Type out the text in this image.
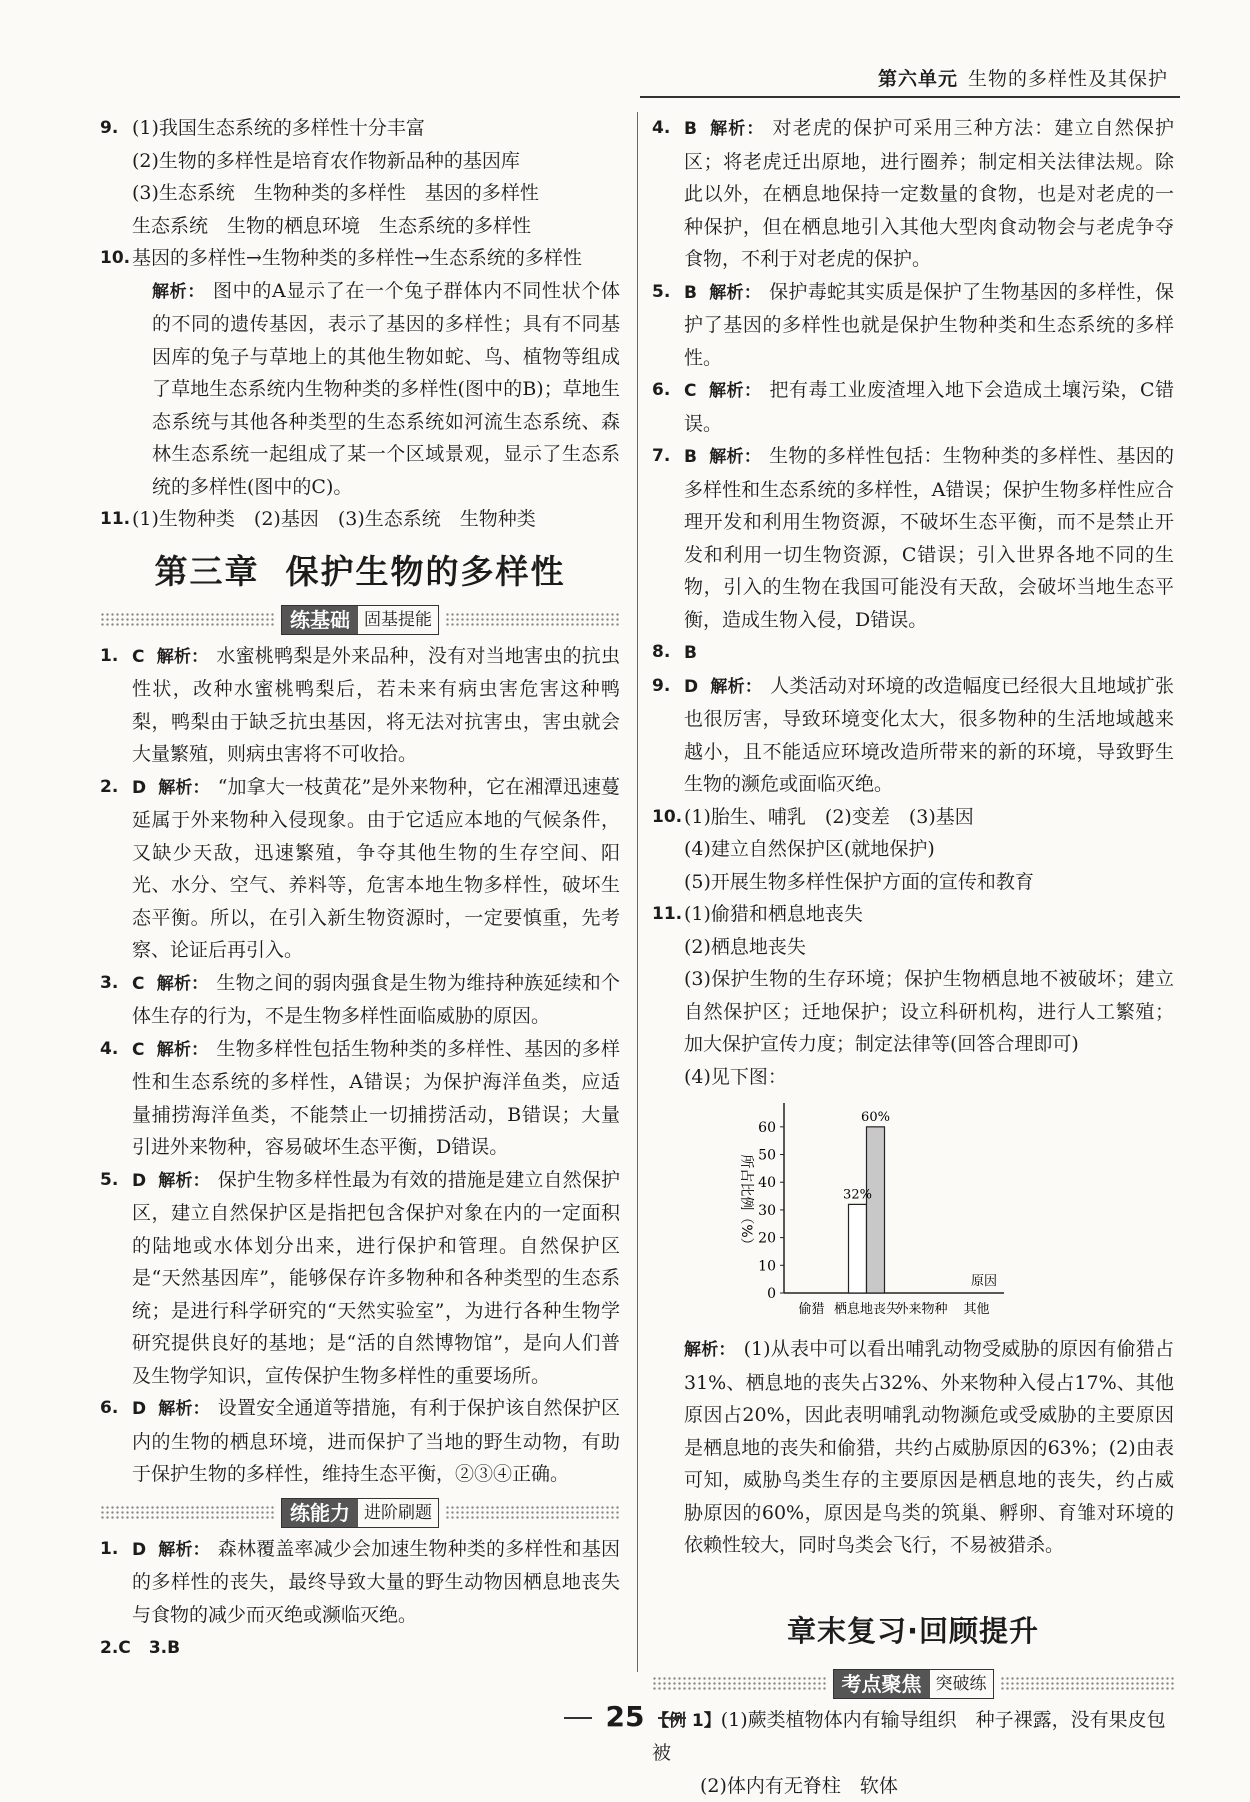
第六单元 生物的多样性及其保护
9. (1)我国生态系统的多样性十分丰富
(2)生物的多样性是培育农作物新品种的基因库
(3)生态系统　生物种类的多样性　基因的多样性
生态系统　生物的栖息环境　生态系统的多样性
10. 基因的多样性→生物种类的多样性→生态系统的多样性
解析： 图中的A显示了在一个兔子群体内不同性状个体的不同的遗传基因，表示了基因的多样性；具有不同基因库的兔子与草地上的其他生物如蛇、鸟、植物等组成了草地生态系统内生物种类的多样性(图中的B)；草地生态系统与其他各种类型的生态系统如河流生态系统、森林生态系统一起组成了某一个区域景观，显示了生态系统的多样性(图中的C)。
11. (1)生物种类　(2)基因　(3)生态系统　生物种类
第三章 保护生物的多样性
练基础 固基提能
1. C 解析： 水蜜桃鸭梨是外来品种，没有对当地害虫的抗虫性状，改种水蜜桃鸭梨后，若未来有病虫害危害这种鸭梨，鸭梨由于缺乏抗虫基因，将无法对抗害虫，害虫就会大量繁殖，则病虫害将不可收拾。
2. D 解析： “加拿大一枝黄花”是外来物种，它在湘潭迅速蔓延属于外来物种入侵现象。由于它适应本地的气候条件，又缺少天敌，迅速繁殖，争夺其他生物的生存空间、阳光、水分、空气、养料等，危害本地生物多样性，破坏生态平衡。所以，在引入新生物资源时，一定要慎重，先考察、论证后再引入。
3. C 解析： 生物之间的弱肉强食是生物为维持种族延续和个体生存的行为，不是生物多样性面临威胁的原因。
4. C 解析： 生物多样性包括生物种类的多样性、基因的多样性和生态系统的多样性，A错误；为保护海洋鱼类，应适量捕捞海洋鱼类，不能禁止一切捕捞活动，B错误；大量引进外来物种，容易破坏生态平衡，D错误。
5. D 解析： 保护生物多样性最为有效的措施是建立自然保护区，建立自然保护区是指把包含保护对象在内的一定面积的陆地或水体划分出来，进行保护和管理。自然保护区是“天然基因库”，能够保存许多物种和各种类型的生态系统；是进行科学研究的“天然实验室”，为进行各种生物学研究提供良好的基地；是“活的自然博物馆”，是向人们普及生物学知识，宣传保护生物多样性的重要场所。
6. D 解析： 设置安全通道等措施，有利于保护该自然保护区内的生物的栖息环境，进而保护了当地的野生动物，有助于保护生物的多样性，维持生态平衡，②③④正确。
练能力 进阶刷题
1. D 解析： 森林覆盖率减少会加速生物种类的多样性和基因的多样性的丧失，最终导致大量的野生动物因栖息地丧失与食物的减少而灭绝或濒临灭绝。
2.C 3.B
4. B 解析： 对老虎的保护可采用三种方法：建立自然保护区；将老虎迁出原地，进行圈养；制定相关法律法规。除此以外，在栖息地保持一定数量的食物，也是对老虎的一种保护，但在栖息地引入其他大型肉食动物会与老虎争夺食物，不利于对老虎的保护。
5. B 解析： 保护毒蛇其实质是保护了生物基因的多样性，保护了基因的多样性也就是保护生物种类和生态系统的多样性。
6. C 解析： 把有毒工业废渣埋入地下会造成土壤污染，C错误。
7. B 解析： 生物的多样性包括：生物种类的多样性、基因的多样性和生态系统的多样性，A错误；保护生物多样性应合理开发和利用生物资源，不破坏生态平衡，而不是禁止开发和利用一切生物资源，C错误；引入世界各地不同的生物，引入的生物在我国可能没有天敌，会破坏当地生态平衡，造成生物入侵，D错误。
8. B
9. D 解析： 人类活动对环境的改造幅度已经很大且地域扩张也很厉害，导致环境变化太大，很多物种的生活地域越来越小，且不能适应环境改造所带来的新的环境，导致野生生物的濒危或面临灭绝。
10. (1)胎生、哺乳　(2)变差　(3)基因
(4)建立自然保护区(就地保护)
(5)开展生物多样性保护方面的宣传和教育
11. (1)偷猎和栖息地丧失
(2)栖息地丧失
(3)保护生物的生存环境；保护生物栖息地不被破坏；建立自然保护区；迁地保护；设立科研机构，进行人工繁殖；加大保护宣传力度；制定法律等(回答合理即可)
(4)见下图：
0
10
20
30
40
50
60
所占比例（%）
偷猎 栖息地丧失
外来物种 其他
原因
32%
60%
解析： (1)从表中可以看出哺乳动物受威胁的原因有偷猎占31%、栖息地的丧失占32%、外来物种入侵占17%、其他原因占20%，因此表明哺乳动物濒危或受威胁的主要原因是栖息地的丧失和偷猎，共约占威胁原因的63%；(2)由表可知，威胁鸟类生存的主要原因是栖息地的丧失，约占威胁原因的60%，原因是鸟类的筑巢、孵卵、育雏对环境的依赖性较大，同时鸟类会飞行，不易被猎杀。
章末复习·回顾提升
考点聚焦 突破练
【例 1】(1)蕨类植物体内有输导组织　种子裸露，没有果皮包被
(2)体内有无脊柱　软体
25
